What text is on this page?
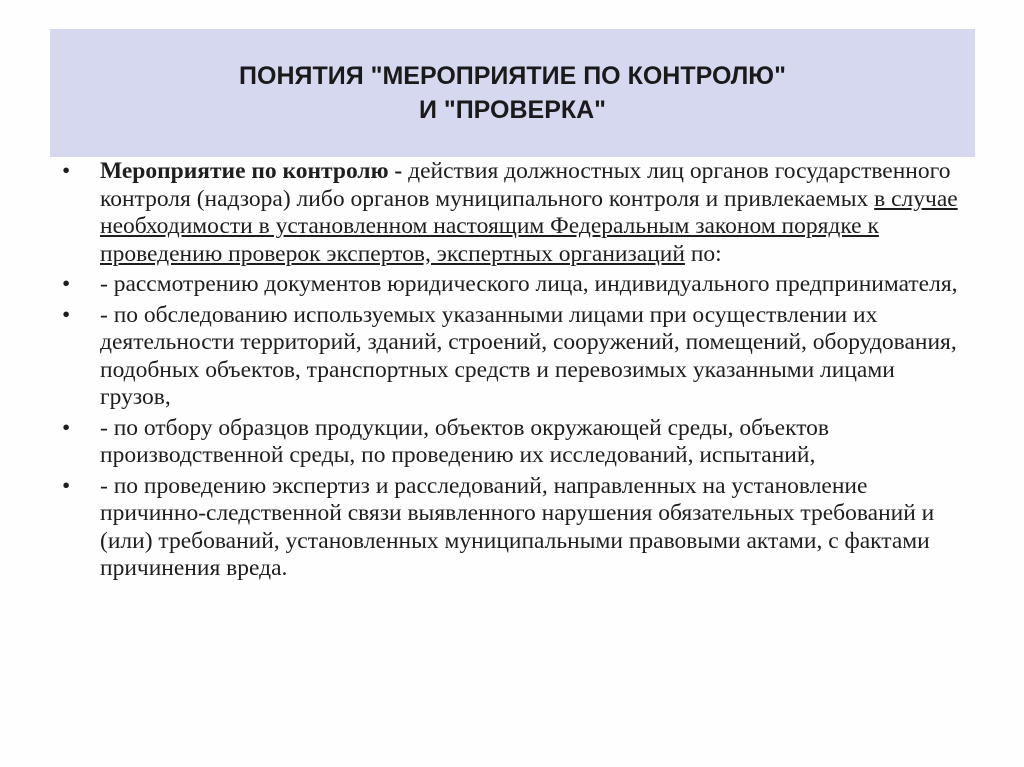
ПОНЯТИЯ "МЕРОПРИЯТИЕ ПО КОНТРОЛЮ"
И "ПРОВЕРКА"
•	Мероприятие по контролю - действия должностных лиц органов государственного контроля (надзора) либо органов муниципального контроля и привлекаемых в случае необходимости в установленном настоящим Федеральным законом порядке к проведению проверок экспертов, экспертных организаций по:
•	- рассмотрению документов юридического лица, индивидуального предпринимателя,
•	- по обследованию используемых указанными лицами при осуществлении их деятельности территорий, зданий, строений, сооружений, помещений, оборудования, подобных объектов, транспортных средств и перевозимых указанными лицами грузов,
•	- по отбору образцов продукции, объектов окружающей среды, объектов производственной среды, по проведению их исследований, испытаний,
•	- по проведению экспертиз и расследований, направленных на установление причинно-следственной связи выявленного нарушения обязательных требований и (или) требований, установленных муниципальными правовыми актами, с фактами причинения вреда.
